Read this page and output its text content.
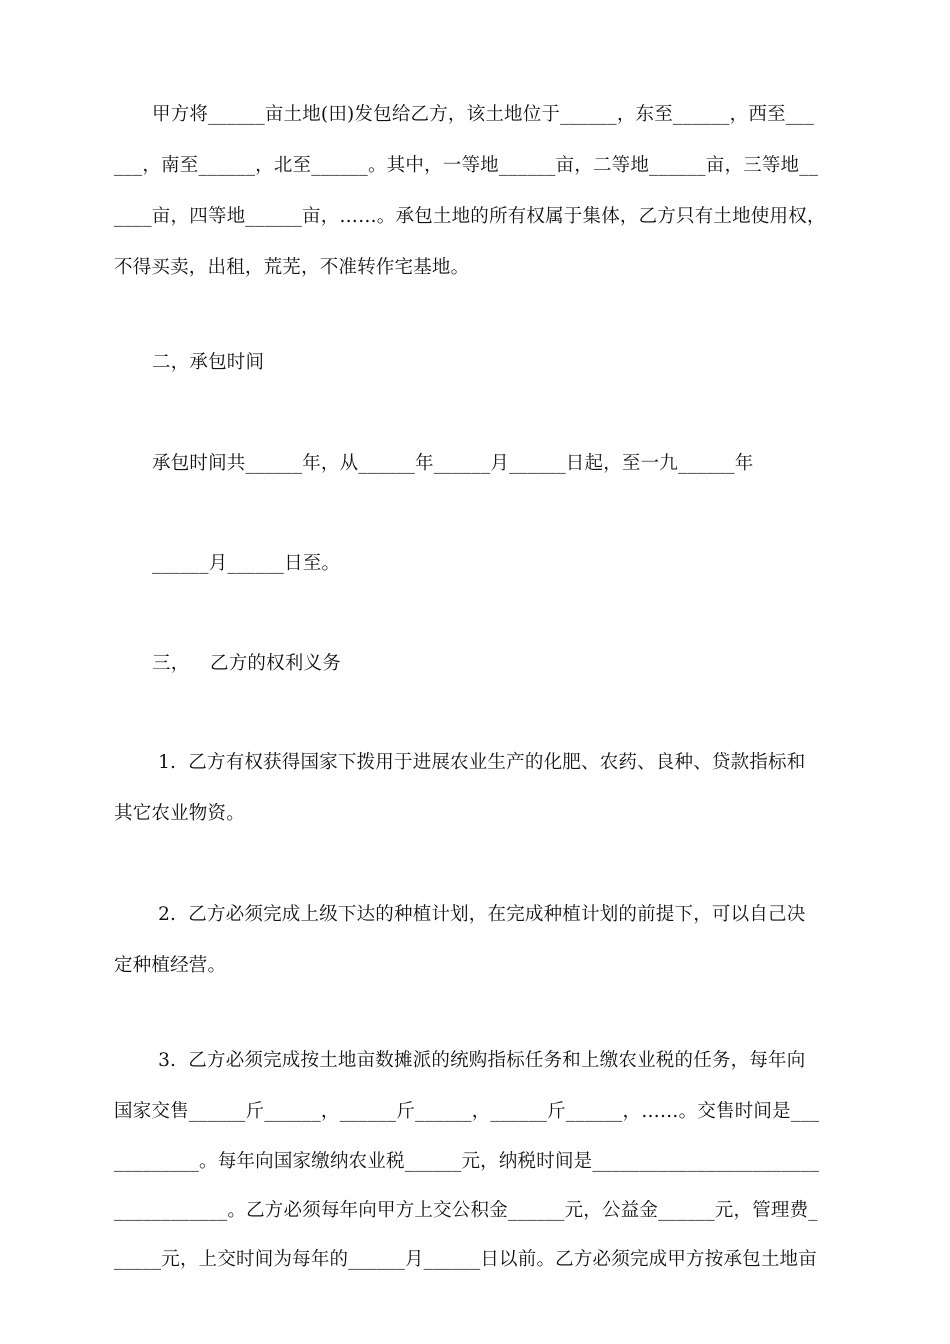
甲方将______亩土地(田)发包给乙方，该土地位于______，东至______，西至___
___，南至______，北至______。其中，一等地______亩，二等地______亩，三等地__
____亩，四等地______亩，……。承包土地的所有权属于集体，乙方只有土地使用权，
不得买卖，出租，荒芜，不准转作宅基地。
二，承包时间
承包时间共______年，从______年______月______日起，至一九______年
______月______日至。
三， 乙方的权利义务
1.  乙方有权获得国家下拨用于进展农业生产的化肥、农药、良种、贷款指标和
其它农业物资。
2.  乙方必须完成上级下达的种植计划，在完成种植计划的前提下，可以自己决
定种植经营。
3.  乙方必须完成按土地亩数摊派的统购指标任务和上缴农业税的任务，每年向
国家交售______斤______，______斤______，______斤______，……。交售时间是___
_________。每年向国家缴纳农业税______元，纳税时间是________________________
____________。乙方必须每年向甲方上交公积金______元，公益金______元，管理费_
_____元，上交时间为每年的______月______日以前。乙方必须完成甲方按承包土地亩
